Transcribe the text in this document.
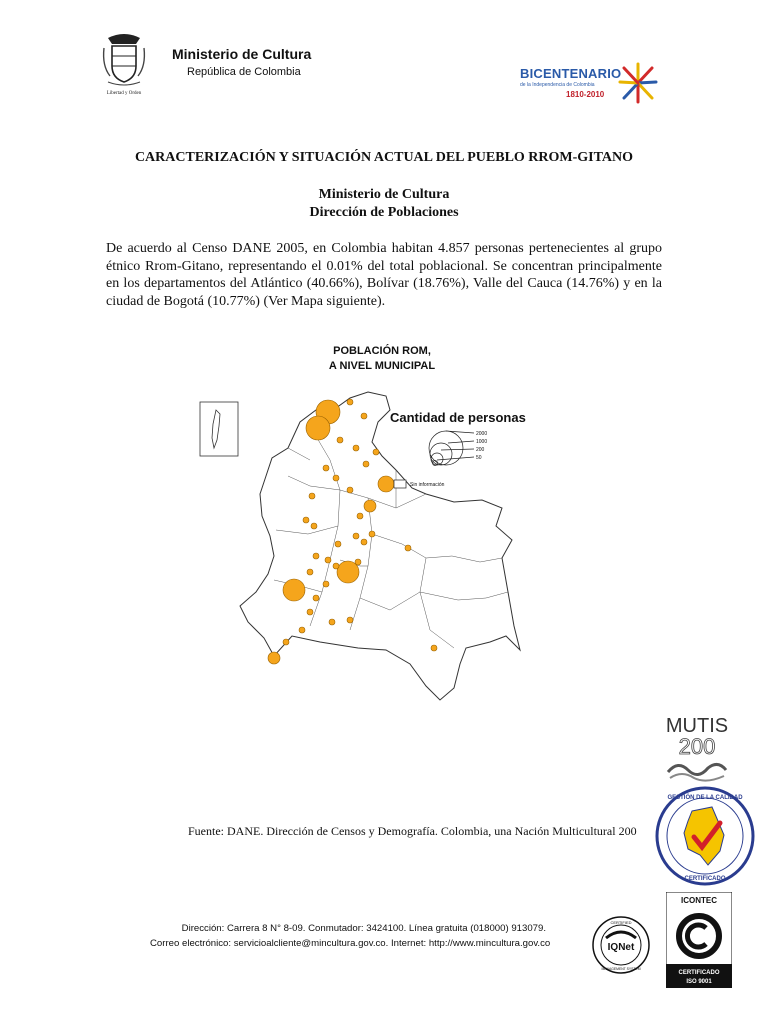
Libertad y Orden
Ministerio de Cultura
República de Colombia	BICENTENARIO
de la Independencia de Colombia
1810-2010
CARACTERIZACIÓN Y SITUACIÓN ACTUAL DEL PUEBLO RROM-GITANO
Ministerio de Cultura
Dirección de Poblaciones
De acuerdo al Censo DANE 2005, en Colombia habitan 4.857 personas pertenecientes al grupo étnico Rrom-Gitano, representando el 0.01% del total poblacional. Se concentran principalmente en los departamentos del Atlántico (40.66%), Bolívar (18.76%), Valle del Cauca (14.76%) y en la ciudad de Bogotá (10.77%) (Ver Mapa siguiente).
POBLACIÓN ROM,
A NIVEL MUNICIPAL
Cantidad de personas
2000
1000
200
50
Sin información
MUTIS
200
GESTIÓN DE LA CALIDAD
CERTIFICADO
ICONTEC
CERTIFICADO
ISO 9001
IQNet
CERTIFIED
MANAGEMENT SYSTEM
Fuente: DANE. Dirección de Censos y Demografía. Colombia, una Nación Multicultural 200
Dirección: Carrera 8 N° 8-09. Conmutador: 3424100. Línea gratuita (018000) 913079.
Correo electrónico: servicioalcliente@mincultura.gov.co. Internet: http://www.mincultura.gov.co
